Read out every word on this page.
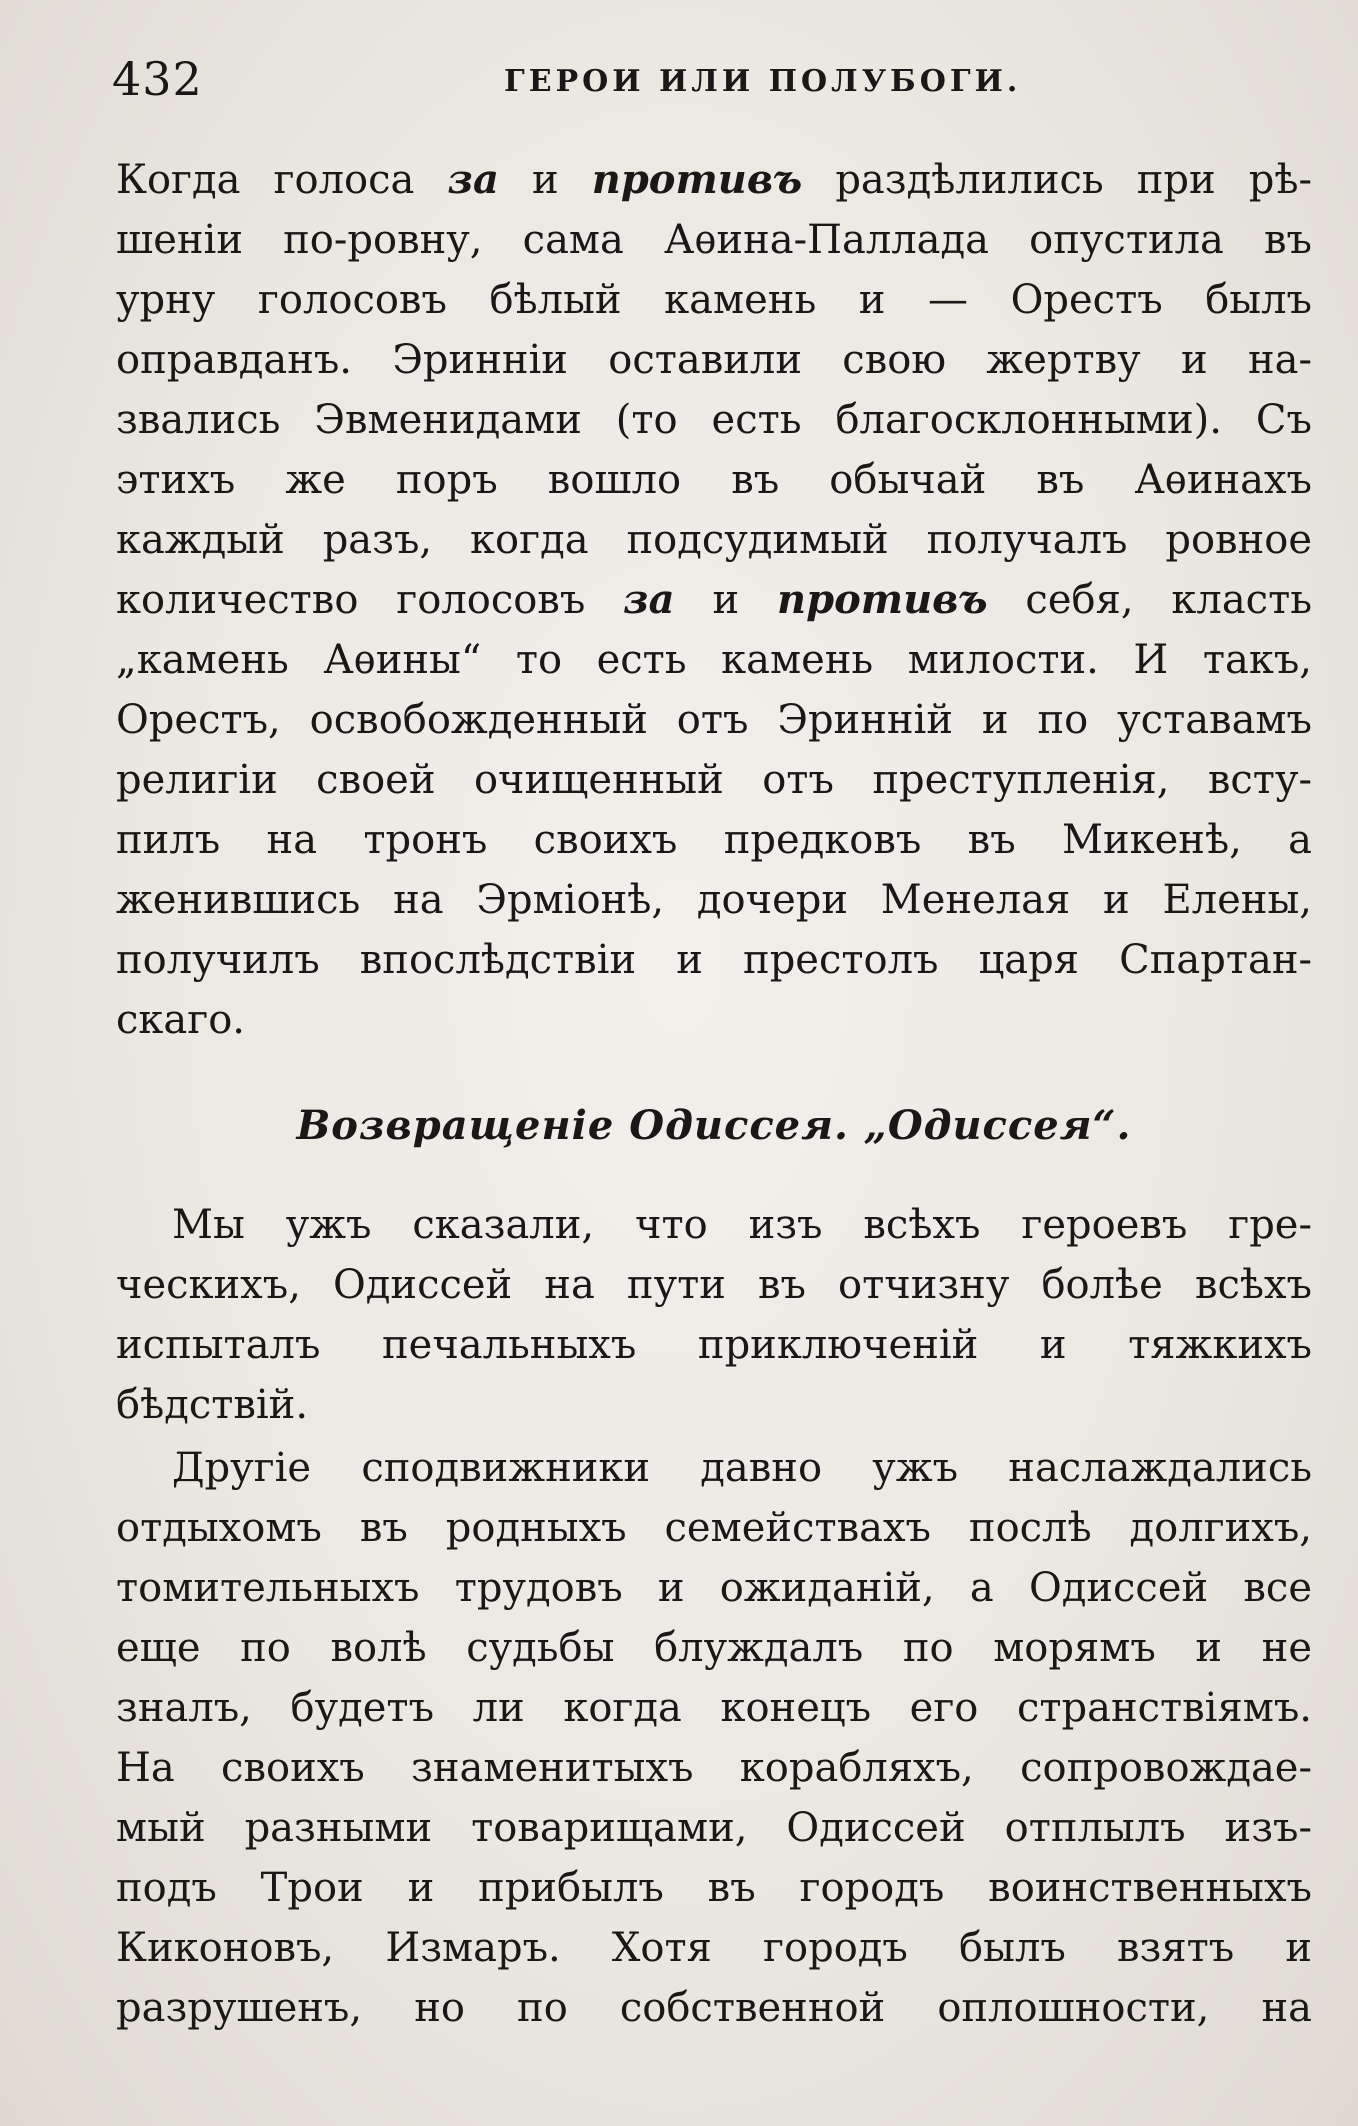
432	ГЕРОИ ИЛИ ПОЛУБОГИ.
Когда голоса за и противъ раздѣлились при рѣ-
шеніи по-ровну, сама Аѳина-Паллада опустила въ
урну голосовъ бѣлый камень и — Орестъ былъ
оправданъ. Эринніи оставили свою жертву и на-
звались Эвменидами (то есть благосклонными). Съ
этихъ же поръ вошло въ обычай въ Аѳинахъ
каждый разъ, когда подсудимый получалъ ровное
количество голосовъ за и противъ себя, класть
„камень Аѳины“ то есть камень милости. И такъ,
Орестъ, освобожденный отъ Эринній и по уставамъ
религіи своей очищенный отъ преступленія, всту-
пилъ на тронъ своихъ предковъ въ Микенѣ, а
женившись на Эрміонѣ, дочери Менелая и Елены,
получилъ впослѣдствіи и престолъ царя Спартан-
скаго.
Возвращеніе Одиссея. „Одиссея“.
Мы ужъ сказали, что изъ всѣхъ героевъ гре-
ческихъ, Одиссей на пути въ отчизну болѣе всѣхъ
испыталъ печальныхъ приключеній и тяжкихъ
бѣдствій.
Другіе сподвижники давно ужъ наслаждались
отдыхомъ въ родныхъ семействахъ послѣ долгихъ,
томительныхъ трудовъ и ожиданій, а Одиссей все
еще по волѣ судьбы блуждалъ по морямъ и не
зналъ, будетъ ли когда конецъ его странствіямъ.
На своихъ знаменитыхъ корабляхъ, сопровождае-
мый разными товарищами, Одиссей отплылъ изъ-
подъ Трои и прибылъ въ городъ воинственныхъ
Киконовъ, Измаръ. Хотя городъ былъ взятъ и
разрушенъ, но по собственной оплошности, на
